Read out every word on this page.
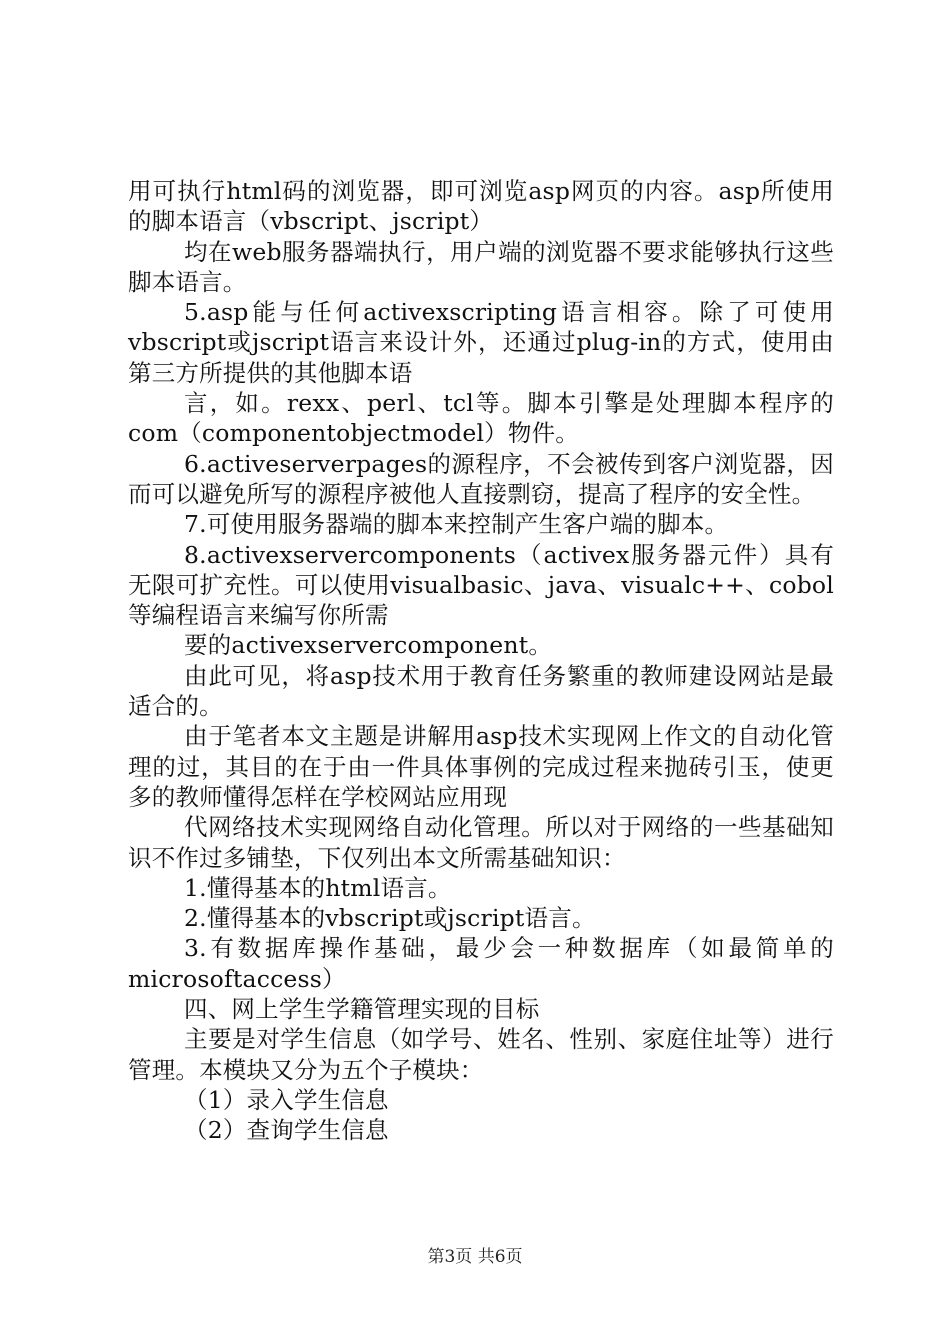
用可执行html码的浏览器，即可浏览asp网页的内容。asp所使用的脚本语言（vbscript、jscript）

均在web服务器端执行，用户端的浏览器不要求能够执行这些脚本语言。

5.asp能与任何activexscripting语言相容。除了可使用vbscript或jscript语言来设计外，还通过plug-in的方式，使用由第三方所提供的其他脚本语

言，如。rexx、perl、tcl等。脚本引擎是处理脚本程序的com（componentobjectmodel）物件。

6.activeserverpages的源程序，不会被传到客户浏览器，因而可以避免所写的源程序被他人直接剽窃，提高了程序的安全性。

7.可使用服务器端的脚本来控制产生客户端的脚本。

8.activexservercomponents（activex服务器元件）具有无限可扩充性。可以使用visualbasic、java、visualc++、cobol等编程语言来编写你所需

要的activexservercomponent。

由此可见，将asp技术用于教育任务繁重的教师建设网站是最适合的。

由于笔者本文主题是讲解用asp技术实现网上作文的自动化管理的过，其目的在于由一件具体事例的完成过程来抛砖引玉，使更多的教师懂得怎样在学校网站应用现

代网络技术实现网络自动化管理。所以对于网络的一些基础知识不作过多铺垫，下仅列出本文所需基础知识：

1.懂得基本的html语言。

2.懂得基本的vbscript或jscript语言。

3.有数据库操作基础，最少会一种数据库（如最简单的microsoftaccess）

四、网上学生学籍管理实现的目标

主要是对学生信息（如学号、姓名、性别、家庭住址等）进行管理。本模块又分为五个子模块：

（1）录入学生信息

（2）查询学生信息

第3页 共6页
